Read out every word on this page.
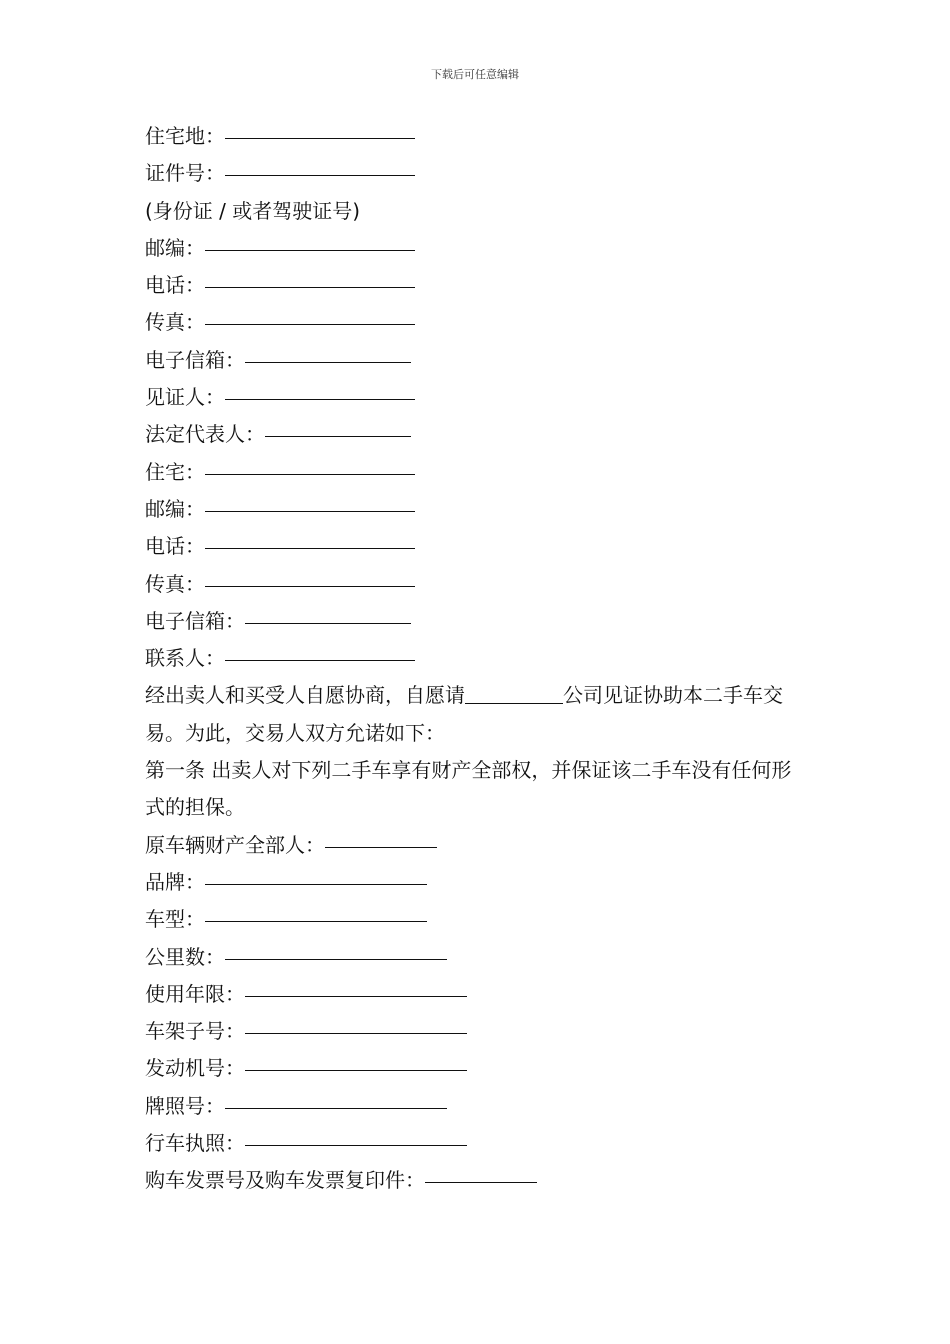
下载后可任意编辑
住宅地：
证件号：
(身份证 / 或者驾驶证号)
邮编：
电话：
传真：
电子信箱：
见证人：
法定代表人：
住宅：
邮编：
电话：
传真：
电子信箱：
联系人：
经出卖人和买受人自愿协商，自愿请	公司见证协助本二手车交易。为此，交易人双方允诺如下：
第一条 出卖人对下列二手车享有财产全部权，并保证该二手车没有任何形式的担保。
原车辆财产全部人：
品牌：
车型：
公里数：
使用年限：
车架子号：
发动机号：
牌照号：
行车执照：
购车发票号及购车发票复印件：
